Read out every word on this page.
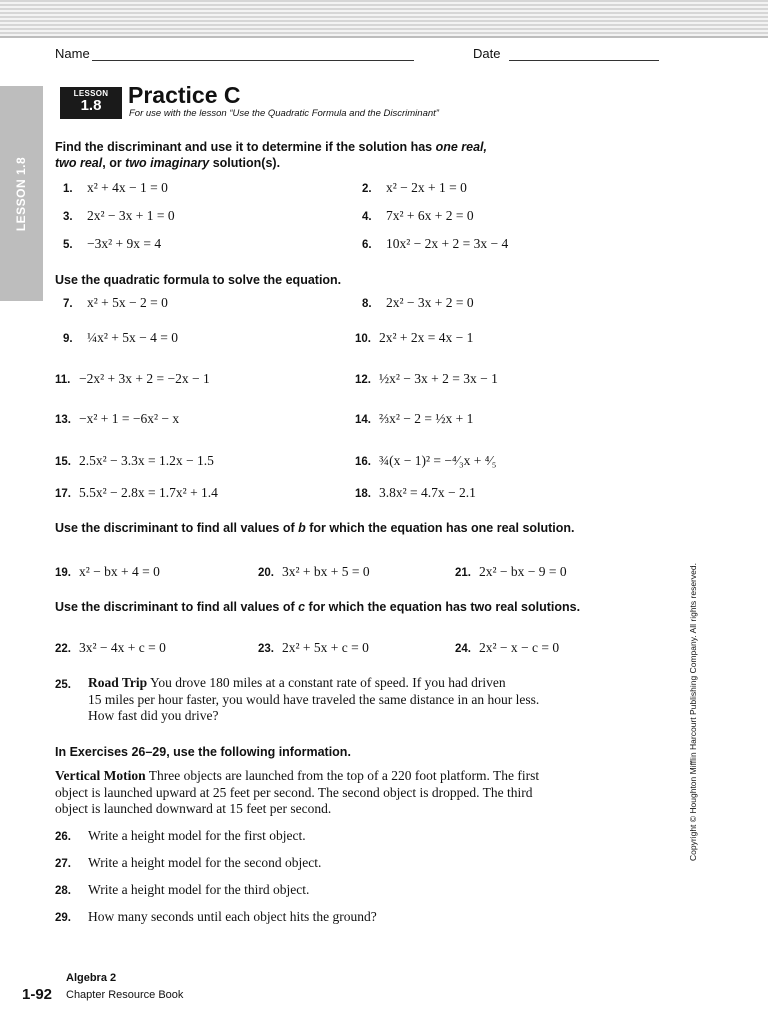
Name	Date
LESSON 1.8
LESSON
1.8	Practice C
For use with the lesson “Use the Quadratic Formula and the Discriminant”
Find the discriminant and use it to determine if the solution has one real,
two real, or two imaginary solution(s).
1. x² + 4x − 1 = 0	2. x² − 2x + 1 = 0
3. 2x² − 3x + 1 = 0	4. 7x² + 6x + 2 = 0
5. −3x² + 9x = 4	6. 10x² − 2x + 2 = 3x − 4
Use the quadratic formula to solve the equation.
7. x² + 5x − 2 = 0	8. 2x² − 3x + 2 = 0
9. ¼x² + 5x − 4 = 0	10. 2x² + 2x = 4x − 1
11. −2x² + 3x + 2 = −2x − 1	12. ½x² − 3x + 2 = 3x − 1
13. −x² + 1 = −6x² − x	14. ⅔x² − 2 = ½x + 1
15. 2.5x² − 3.3x = 1.2x − 1.5	16. ¾(x − 1)² = −⁴⁄₃x + ⁴⁄₅
17. 5.5x² − 2.8x = 1.7x² + 1.4	18. 3.8x² = 4.7x − 2.1
Use the discriminant to find all values of b for which the equation has one real solution.
19. x² − bx + 4 = 0	20. 3x² + bx + 5 = 0	21. 2x² − bx − 9 = 0
Use the discriminant to find all values of c for which the equation has two real solutions.
22. 3x² − 4x + c = 0	23. 2x² + 5x + c = 0	24. 2x² − x − c = 0
25.	Road Trip You drove 180 miles at a constant rate of speed. If you had driven
15 miles per hour faster, you would have traveled the same distance in an hour less.
How fast did you drive?
In Exercises 26–29, use the following information.
Vertical Motion Three objects are launched from the top of a 220 foot platform. The first
object is launched upward at 25 feet per second. The second object is dropped. The third
object is launched downward at 15 feet per second.
26. Write a height model for the first object.
27. Write a height model for the second object.
28. Write a height model for the third object.
29. How many seconds until each object hits the ground?
Copyright © Houghton Mifflin Harcourt Publishing Company. All rights reserved.
1-92
Algebra 2
Chapter Resource Book
